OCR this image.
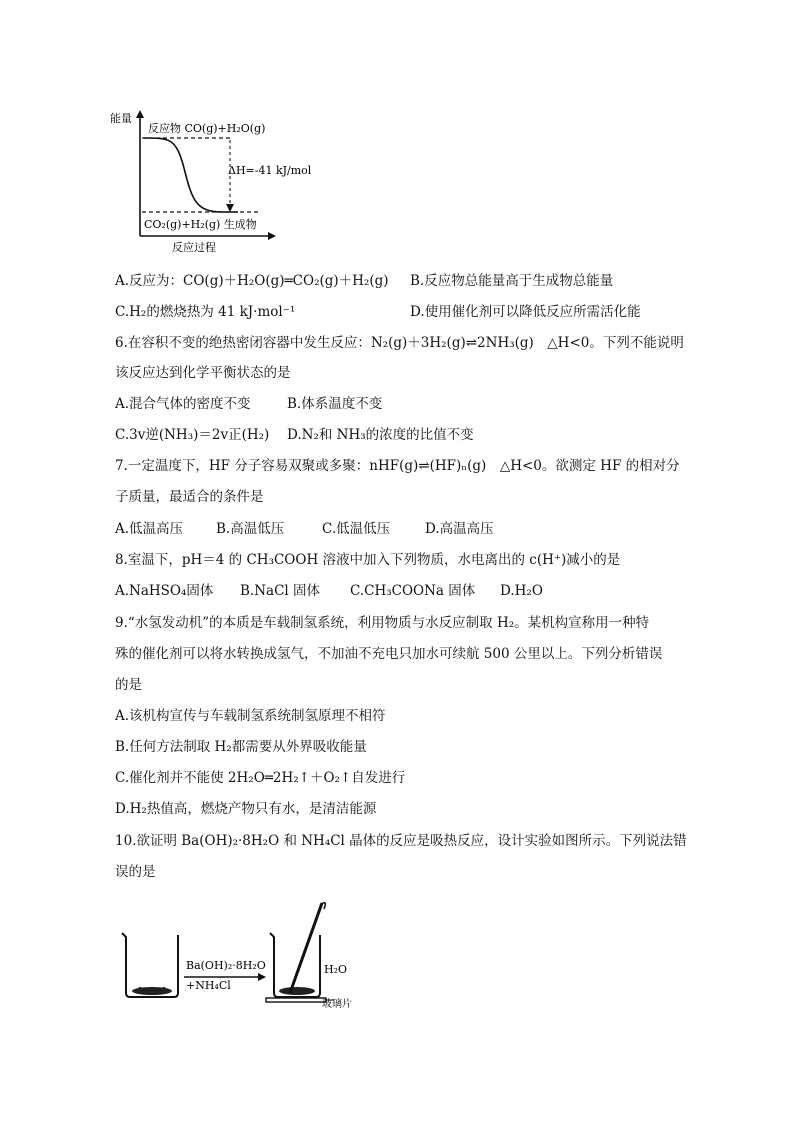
能量
反应物 CO(g)+H₂O(g)
ΔH=-41 kJ/mol
CO₂(g)+H₂(g) 生成物
反应过程
A.反应为：CO(g)＋H₂O(g)═CO₂(g)＋H₂(g) B.反应物总能量高于生成物总能量
C.H₂的燃烧热为 41 kJ·mol⁻¹	D.使用催化剂可以降低反应所需活化能
6.在容积不变的绝热密闭容器中发生反应：N₂(g)＋3H₂(g)⇌2NH₃(g)　△H<0。下列不能说明
该反应达到化学平衡状态的是
A.混合气体的密度不变	B.体系温度不变
C.3v逆(NH₃)＝2v正(H₂) D.N₂和 NH₃的浓度的比值不变
7.一定温度下，HF 分子容易双聚或多聚：nHF(g)⇌(HF)ₙ(g)　△H<0。欲测定 HF 的相对分
子质量，最适合的条件是
A.低温高压 B.高温低压	C.低温低压	D.高温高压
8.室温下，pH＝4 的 CH₃COOH 溶液中加入下列物质，水电离出的 c(H⁺)减小的是
A.NaHSO₄固体 B.NaCl 固体 C.CH₃COONa 固体 D.H₂O
9.“水氢发动机”的本质是车载制氢系统，利用物质与水反应制取 H₂。某机构宣称用一种特
殊的催化剂可以将水转换成氢气，不加油不充电只加水可续航 500 公里以上。下列分析错误
的是
A.该机构宣传与车载制氢系统制氢原理不相符
B.任何方法制取 H₂都需要从外界吸收能量
C.催化剂并不能使 2H₂O═2H₂↑＋O₂↑自发进行
D.H₂热值高，燃烧产物只有水，是清洁能源
10.欲证明 Ba(OH)₂·8H₂O 和 NH₄Cl 晶体的反应是吸热反应，设计实验如图所示。下列说法错
误的是
Ba(OH)₂·8H₂O
+NH₄Cl
H₂O
玻璃片
